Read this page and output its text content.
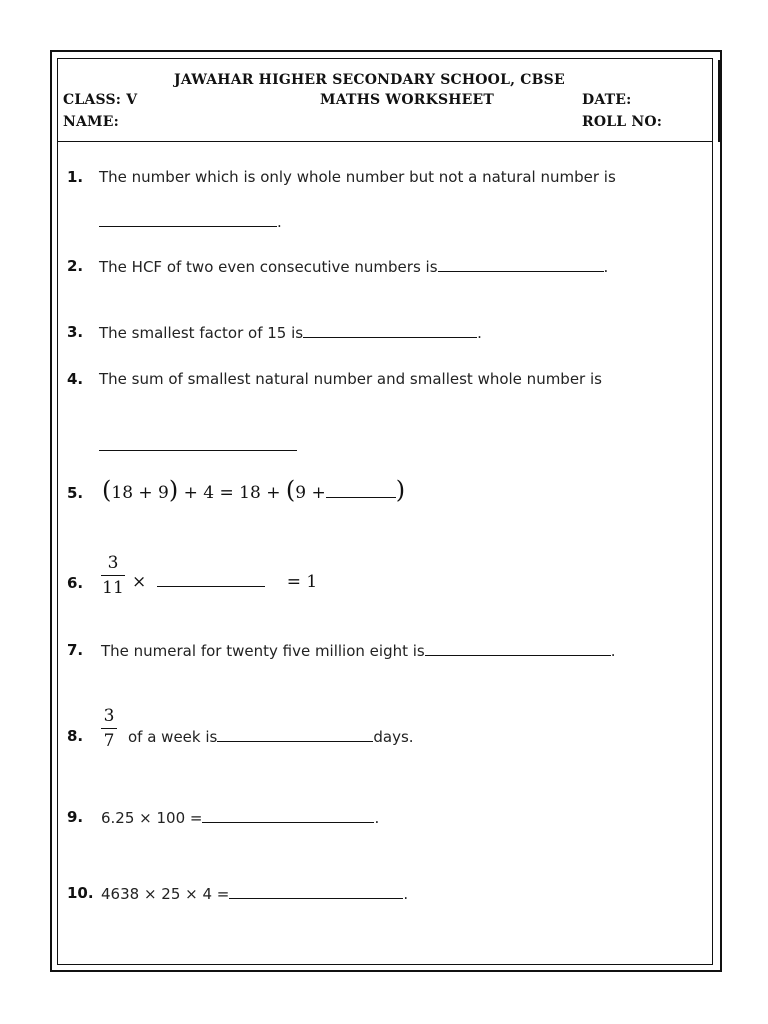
JAWAHAR HIGHER SECONDARY SCHOOL, CBSE
CLASS: V	MATHS WORKSHEET	DATE:
NAME:	ROLL NO:
1. The number which is only whole number but not a natural number is
.
2. The HCF of two even consecutive numbers is	.
3. The smallest factor of 15 is	.
4. The sum of smallest natural number and smallest whole number is
5. (18 + 9) + 4 = 18 + (9 +	)
6.
3
11 ×	= 1
7. The numeral for twenty five million eight is	.
8.
3
7 of a week is	days.
9. 6.25 × 100 =	.
10. 4638 × 25 × 4 =	.
